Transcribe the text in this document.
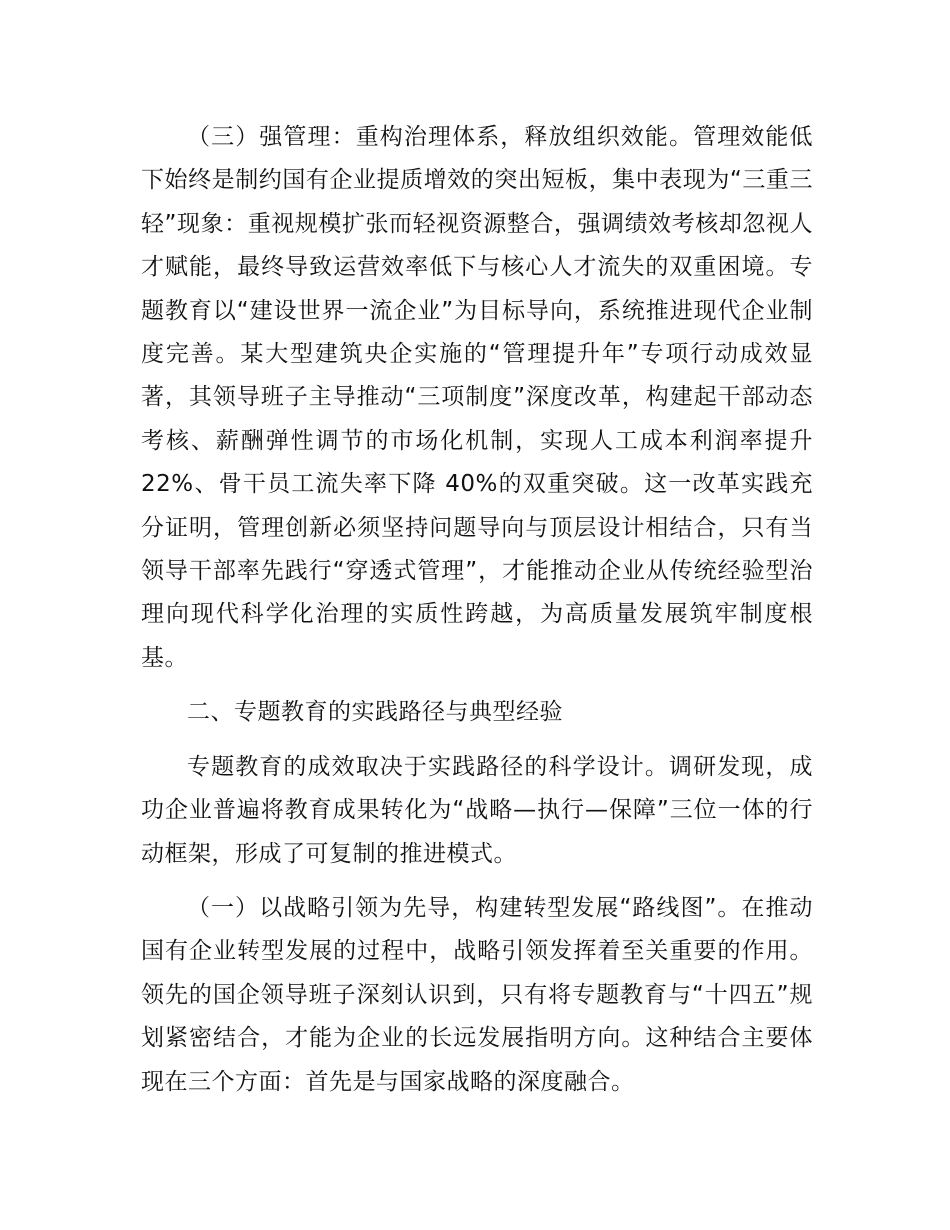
（三）强管理：重构治理体系，释放组织效能。管理效能低下始终是制约国有企业提质增效的突出短板，集中表现为“三重三轻”现象：重视规模扩张而轻视资源整合，强调绩效考核却忽视人才赋能，最终导致运营效率低下与核心人才流失的双重困境。专题教育以“建设世界一流企业”为目标导向，系统推进现代企业制度完善。某大型建筑央企实施的“管理提升年”专项行动成效显著，其领导班子主导推动“三项制度”深度改革，构建起干部动态考核、薪酬弹性调节的市场化机制，实现人工成本利润率提升 22%、骨干员工流失率下降 40%的双重突破。这一改革实践充分证明，管理创新必须坚持问题导向与顶层设计相结合，只有当领导干部率先践行“穿透式管理”，才能推动企业从传统经验型治理向现代科学化治理的实质性跨越，为高质量发展筑牢制度根基。

二、专题教育的实践路径与典型经验

专题教育的成效取决于实践路径的科学设计。调研发现，成功企业普遍将教育成果转化为“战略—执行—保障”三位一体的行动框架，形成了可复制的推进模式。

（一）以战略引领为先导，构建转型发展“路线图”。在推动国有企业转型发展的过程中，战略引领发挥着至关重要的作用。领先的国企领导班子深刻认识到，只有将专题教育与“十四五”规划紧密结合，才能为企业的长远发展指明方向。这种结合主要体现在三个方面：首先是与国家战略的深度融合。
